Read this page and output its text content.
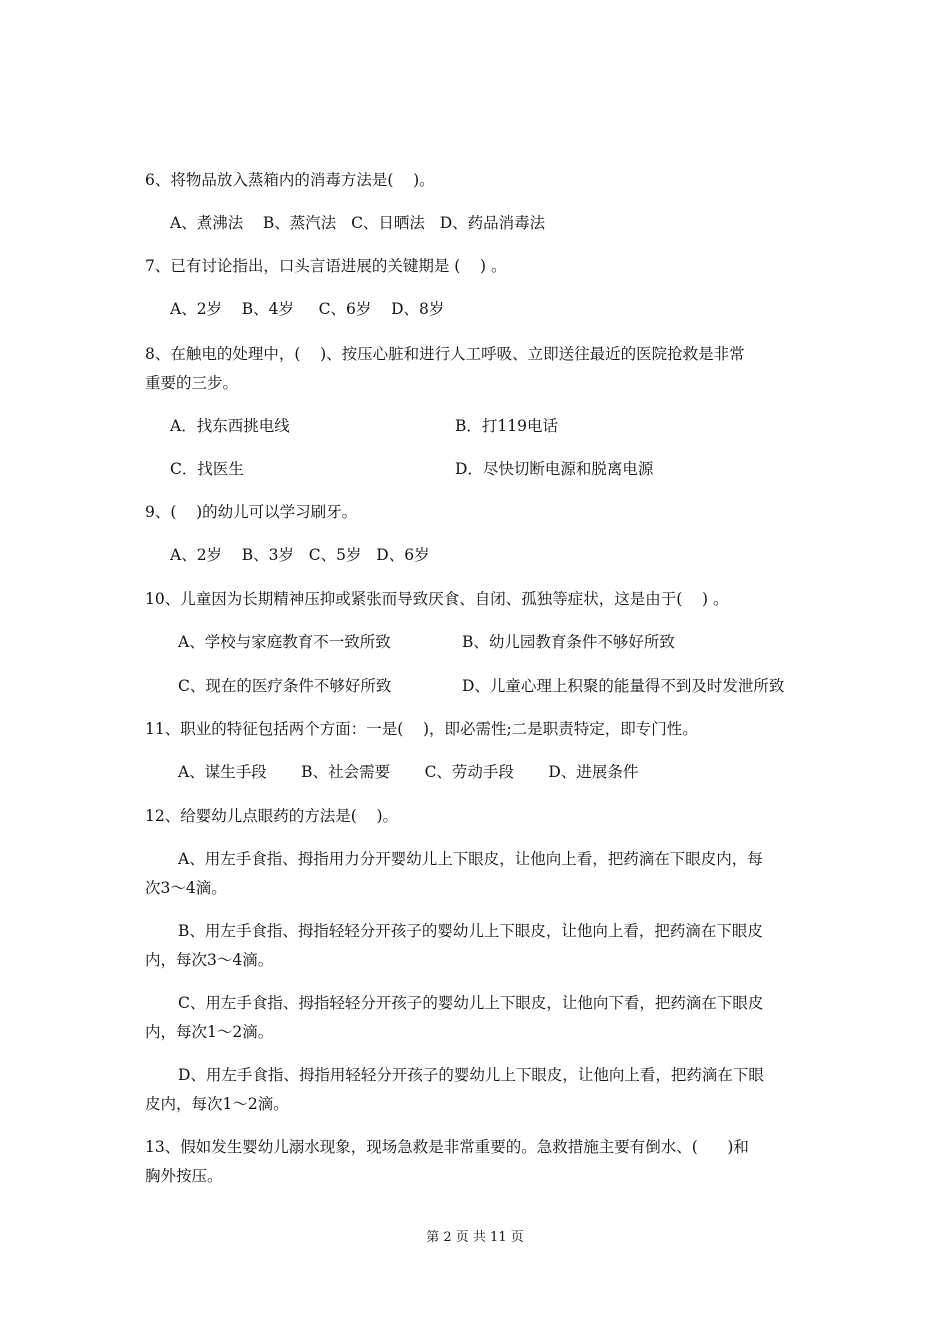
6、将物品放入蒸箱内的消毒方法是(    )。
A、煮沸法    B、蒸汽法   C、日晒法   D、药品消毒法
7、已有讨论指出，口头言语进展的关键期是 (    ) 。
A、2岁    B、4岁     C、6岁    D、8岁
8、在触电的处理中，(    )、按压心脏和进行人工呼吸、立即送往最近的医院抢救是非常
重要的三步。
A．找东西挑电线	B．打119电话
C．找医生	D．尽快切断电源和脱离电源
9、(    )的幼儿可以学习刷牙。
A、2岁    B、3岁   C、5岁   D、6岁
10、儿童因为长期精神压抑或紧张而导致厌食、自闭、孤独等症状，这是由于(    ) 。
A、学校与家庭教育不一致所致	B、幼儿园教育条件不够好所致
C、现在的医疗条件不够好所致	D、儿童心理上积聚的能量得不到及时发泄所致
11、职业的特征包括两个方面：一是(    )，即必需性;二是职责特定，即专门性。
A、谋生手段       B、社会需要       C、劳动手段       D、进展条件
12、给婴幼儿点眼药的方法是(    )。
A、用左手食指、拇指用力分开婴幼儿上下眼皮，让他向上看，把药滴在下眼皮内，每
次3～4滴。
B、用左手食指、拇指轻轻分开孩子的婴幼儿上下眼皮，让他向上看，把药滴在下眼皮
内，每次3～4滴。
C、用左手食指、拇指轻轻分开孩子的婴幼儿上下眼皮，让他向下看，把药滴在下眼皮
内，每次1～2滴。
D、用左手食指、拇指用轻轻分开孩子的婴幼儿上下眼皮，让他向上看，把药滴在下眼
皮内，每次1～2滴。
13、假如发生婴幼儿溺水现象，现场急救是非常重要的。急救措施主要有倒水、(      )和
胸外按压。
第 2 页 共 11 页
